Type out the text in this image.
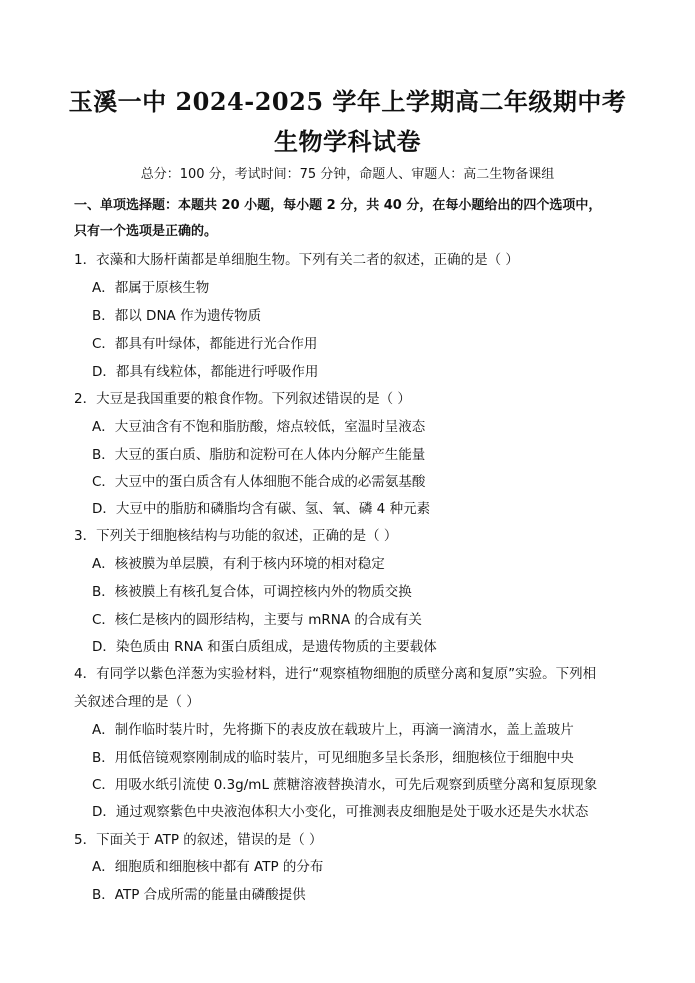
玉溪一中 2024-2025 学年上学期高二年级期中考
生物学科试卷
总分：100 分，考试时间：75 分钟，命题人、审题人：高二生物备课组
一、单项选择题：本题共 20 小题，每小题 2 分，共 40 分，在每小题给出的四个选项中，
只有一个选项是正确的。
1．衣藻和大肠杆菌都是单细胞生物。下列有关二者的叙述，正确的是（ ）
A．都属于原核生物
B．都以 DNA 作为遗传物质
C．都具有叶绿体，都能进行光合作用
D．都具有线粒体，都能进行呼吸作用
2．大豆是我国重要的粮食作物。下列叙述错误的是（ ）
A．大豆油含有不饱和脂肪酸，熔点较低，室温时呈液态
B．大豆的蛋白质、脂肪和淀粉可在人体内分解产生能量
C．大豆中的蛋白质含有人体细胞不能合成的必需氨基酸
D．大豆中的脂肪和磷脂均含有碳、氢、氧、磷 4 种元素
3．下列关于细胞核结构与功能的叙述，正确的是（ ）
A．核被膜为单层膜，有利于核内环境的相对稳定
B．核被膜上有核孔复合体，可调控核内外的物质交换
C．核仁是核内的圆形结构，主要与 mRNA 的合成有关
D．染色质由 RNA 和蛋白质组成，是遗传物质的主要载体
4．有同学以紫色洋葱为实验材料，进行“观察植物细胞的质壁分离和复原”实验。下列相
关叙述合理的是（ ）
A．制作临时装片时，先将撕下的表皮放在载玻片上，再滴一滴清水，盖上盖玻片
B．用低倍镜观察刚制成的临时装片，可见细胞多呈长条形，细胞核位于细胞中央
C．用吸水纸引流使 0.3g/mL 蔗糖溶液替换清水，可先后观察到质壁分离和复原现象
D．通过观察紫色中央液泡体积大小变化，可推测表皮细胞是处于吸水还是失水状态
5．下面关于 ATP 的叙述，错误的是（ ）
A．细胞质和细胞核中都有 ATP 的分布
B．ATP 合成所需的能量由磷酸提供
